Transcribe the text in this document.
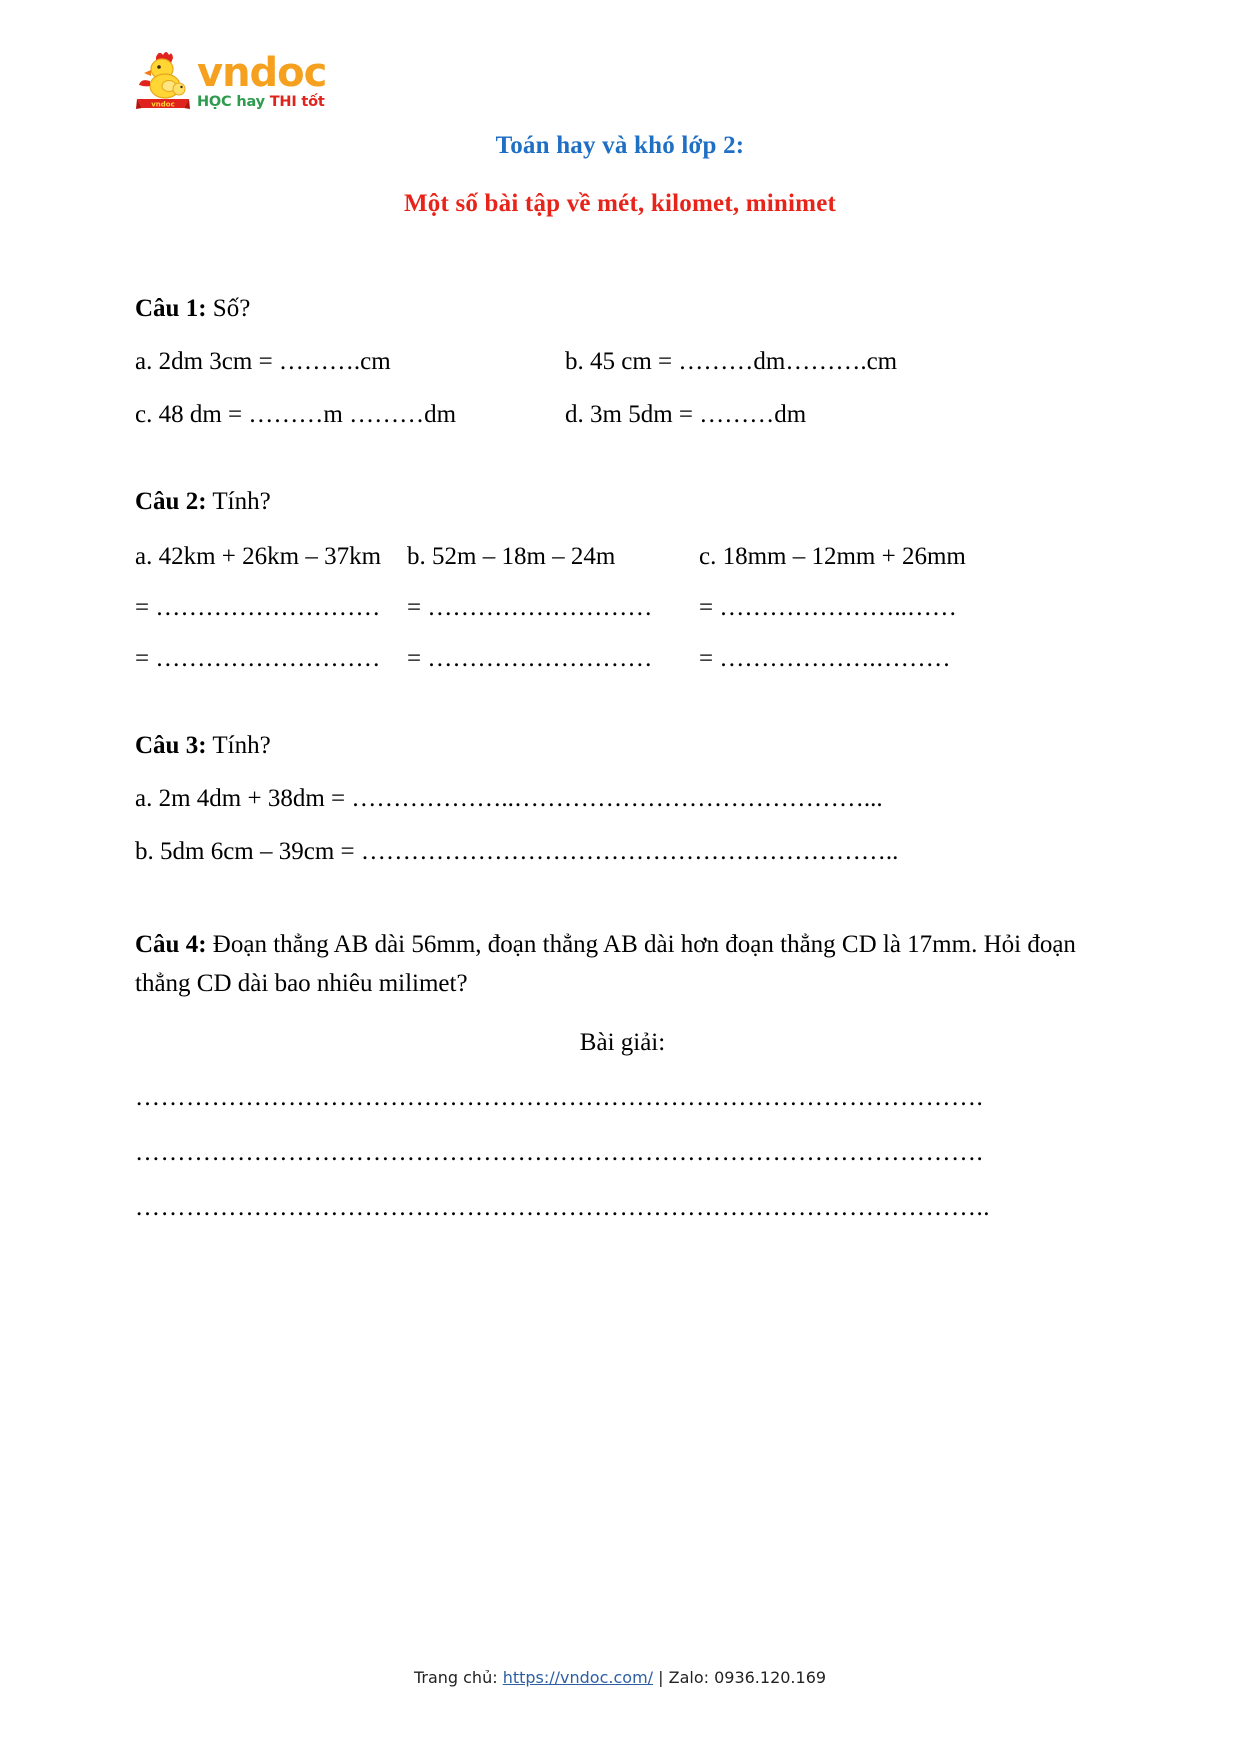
vndoc
vndoc
HỌC hay THI tốt
Toán hay và khó lớp 2:
Một số bài tập về mét, kilomet, minimet
Câu 1: Số?
a. 2dm 3cm = ……….cm	b. 45 cm = ………dm……….cm
c. 48 dm = ………m ………dm	d. 3m 5dm = ………dm
Câu 2: Tính?
a. 42km + 26km – 37km	b. 52m – 18m – 24m	c. 18mm – 12mm + 26mm
= ………………………	= ………………………	= …………………..……
= ………………………	= ………………………	= ……………….………
Câu 3: Tính?
a. 2m 4dm + 38dm = ………………..……………………………………...
b. 5dm 6cm – 39cm = ………………………………………………………..
Câu 4: Đoạn thẳng AB dài 56mm, đoạn thẳng AB dài hơn đoạn thẳng CD là 17mm. Hỏi đoạn thẳng CD dài bao nhiêu milimet?
Bài giải:
……………………………………………………………………………………….
……………………………………………………………………………………….
………………………………………………………………………………………..
Trang chủ: https://vndoc.com/ | Zalo: 0936.120.169
